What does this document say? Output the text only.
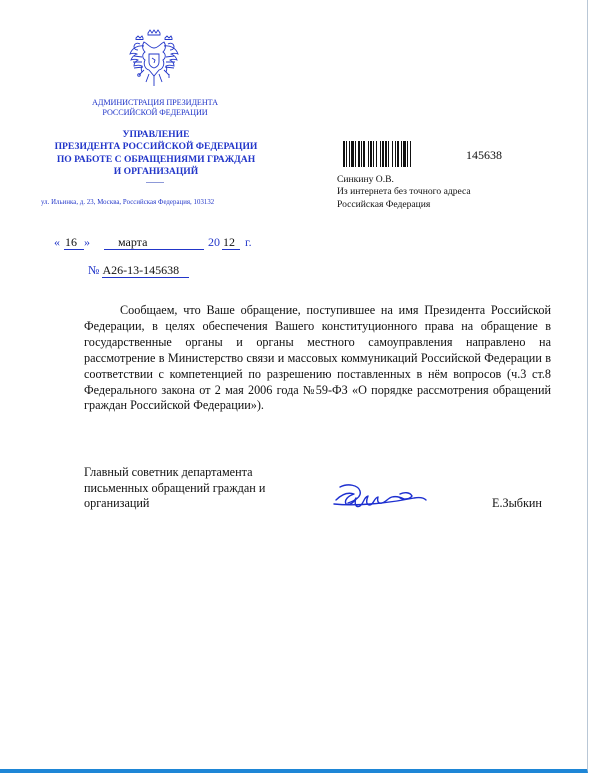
АДМИНИСТРАЦИЯ ПРЕЗИДЕНТА
РОССИЙСКОЙ ФЕДЕРАЦИИ
УПРАВЛЕНИЕ
ПРЕЗИДЕНТА РОССИЙСКОЙ ФЕДЕРАЦИИ
ПО РАБОТЕ С ОБРАЩЕНИЯМИ ГРАЖДАН
И ОРГАНИЗАЦИЙ
ул. Ильинка, д. 23, Москва, Российская Федерация, 103132
145638
Синкину О.В.
Из интернета без точного адреса
Российская Федерация
« 16 » марта	20 12 г.
№ А26-13-145638

Сообщаем, что Ваше обращение, поступившее на имя Президента Российской Федерации, в целях обеспечения Вашего конституционного права на обращение в государственные органы и органы местного самоуправления направлено на рассмотрение в Министерство связи и массовых коммуникаций Российской Федерации в соответствии с компетенцией по разрешению поставленных в нём вопросов (ч.3 ст.8 Федерального закона от 2 мая 2006 года №59-ФЗ «О порядке рассмотрения обращений граждан Российской Федерации»).

Главный советник департамента
письменных обращений граждан и
организаций	Е.Зыбкин
